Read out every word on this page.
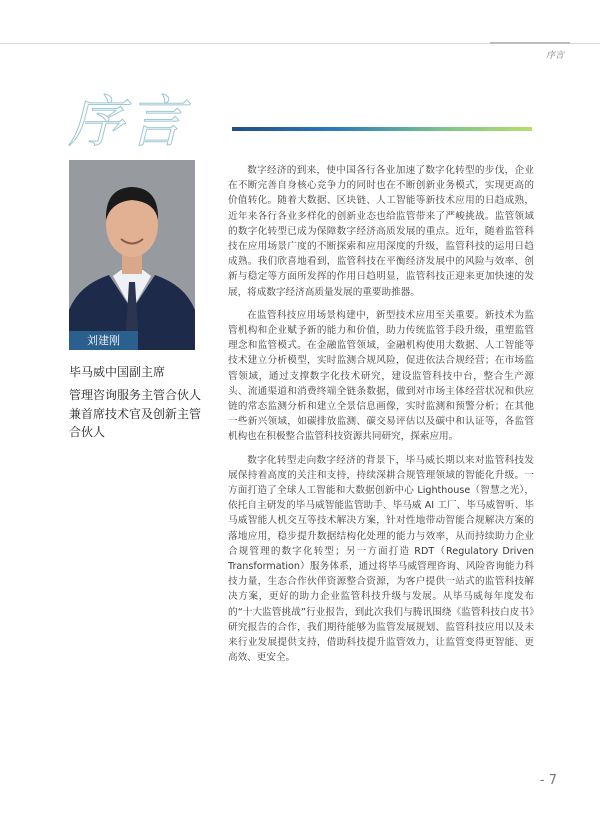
序言
序言
刘建刚
毕马威中国副主席
管理咨询服务主管合伙人兼首席技术官及创新主管合伙人

数字经济的到来，使中国各行各业加速了数字化转型的步伐，企业在不断完善自身核心竞争力的同时也在不断创新业务模式，实现更高的价值转化。随着大数据、区块链、人工智能等新技术应用的日趋成熟，近年来各行各业多样化的创新业态也给监管带来了严峻挑战。监管领域的数字化转型已成为保障数字经济高质发展的重点。近年，随着监管科技在应用场景广度的不断探索和应用深度的升级，监管科技的运用日趋成熟。我们欣喜地看到，监管科技在平衡经济发展中的风险与效率、创新与稳定等方面所发挥的作用日趋明显，监管科技正迎来更加快速的发展，将成数字经济高质量发展的重要助推器。

在监管科技应用场景构建中，新型技术应用至关重要。新技术为监管机构和企业赋予新的能力和价值，助力传统监管手段升级，重塑监管理念和监管模式。在金融监管领域，金融机构使用大数据、人工智能等技术建立分析模型，实时监测合规风险，促进依法合规经营；在市场监管领域，通过支撑数字化技术研究，建设监管科技中台，整合生产源头、流通渠道和消费终端全链条数据，做到对市场主体经营状况和供应链的常态监测分析和建立全景信息画像，实时监测和预警分析；在其他一些新兴领域，如碳排放监测、碳交易评估以及碳中和认证等，各监管机构也在积极整合监管科技资源共同研究，探索应用。

数字化转型走向数字经济的背景下，毕马威长期以来对监管科技发展保持着高度的关注和支持，持续深耕合规管理领域的智能化升级。一方面打造了全球人工智能和大数据创新中心 Lighthouse（智慧之光），依托自主研发的毕马威智能监管助手、毕马威 AI 工厂、毕马威智听、毕马威智能人机交互等技术解决方案，针对性地带动智能合规解决方案的落地应用，稳步提升数据结构化处理的能力与效率，从而持续助力企业合规管理的数字化转型；另一方面打造 RDT（Regulatory Driven Transformation）服务体系，通过将毕马威管理咨询、风险咨询能力科技力量，生态合作伙伴资源整合资源，为客户提供一站式的监管科技解决方案，更好的助力企业监管科技升级与发展。从毕马威每年度发布的“十大监管挑战”行业报告，到此次我们与腾讯围绕《监管科技白皮书》研究报告的合作，我们期待能够为监管发展规划、监管科技应用以及未来行业发展提供支持，借助科技提升监管效力，让监管变得更智能、更高效、更安全。

- 7
